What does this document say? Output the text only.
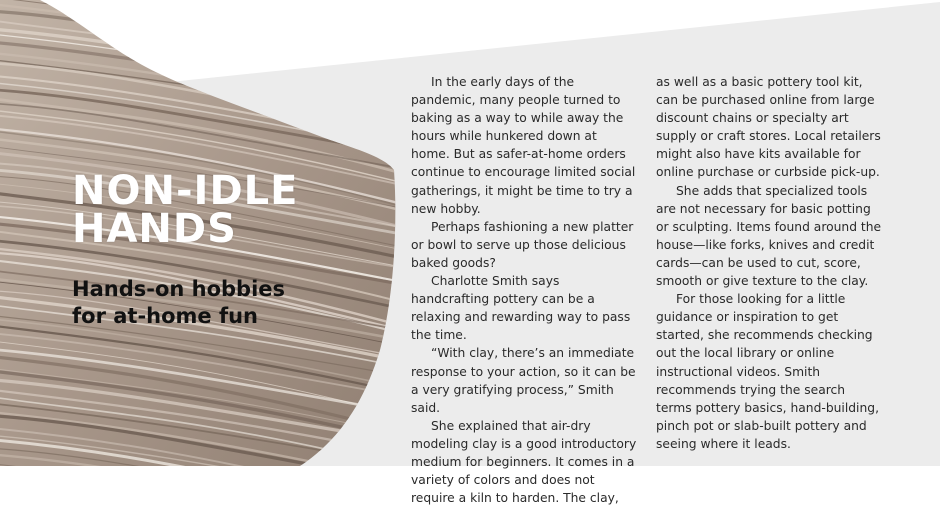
NON-IDLE
HANDS
Hands-on hobbies
for at-home fun

In the early days of the pandemic, many people turned to baking as a way to while away the hours while hunkered down at home. But as safer-at-home orders continue to encourage limited social gatherings, it might be time to try a new hobby.

Perhaps fashioning a new platter or bowl to serve up those delicious baked goods?

Charlotte Smith says handcrafting pottery can be a relaxing and rewarding way to pass the time.

“With clay, there’s an immediate response to your action, so it can be a very gratifying process,” Smith said.

She explained that air-dry modeling clay is a good introductory medium for beginners. It comes in a variety of colors and does not require a kiln to harden. The clay,

as well as a basic pottery tool kit, can be purchased online from large discount chains or specialty art supply or craft stores. Local retailers might also have kits available for online purchase or curbside pick-up.

She adds that specialized tools are not necessary for basic potting or sculpting. Items found around the house—like forks, knives and credit cards—can be used to cut, score, smooth or give texture to the clay.

For those looking for a little guidance or inspiration to get started, she recommends checking out the local library or online instructional videos. Smith recommends trying the search terms pottery basics, hand-building, pinch pot or slab-built pottery and seeing where it leads.
